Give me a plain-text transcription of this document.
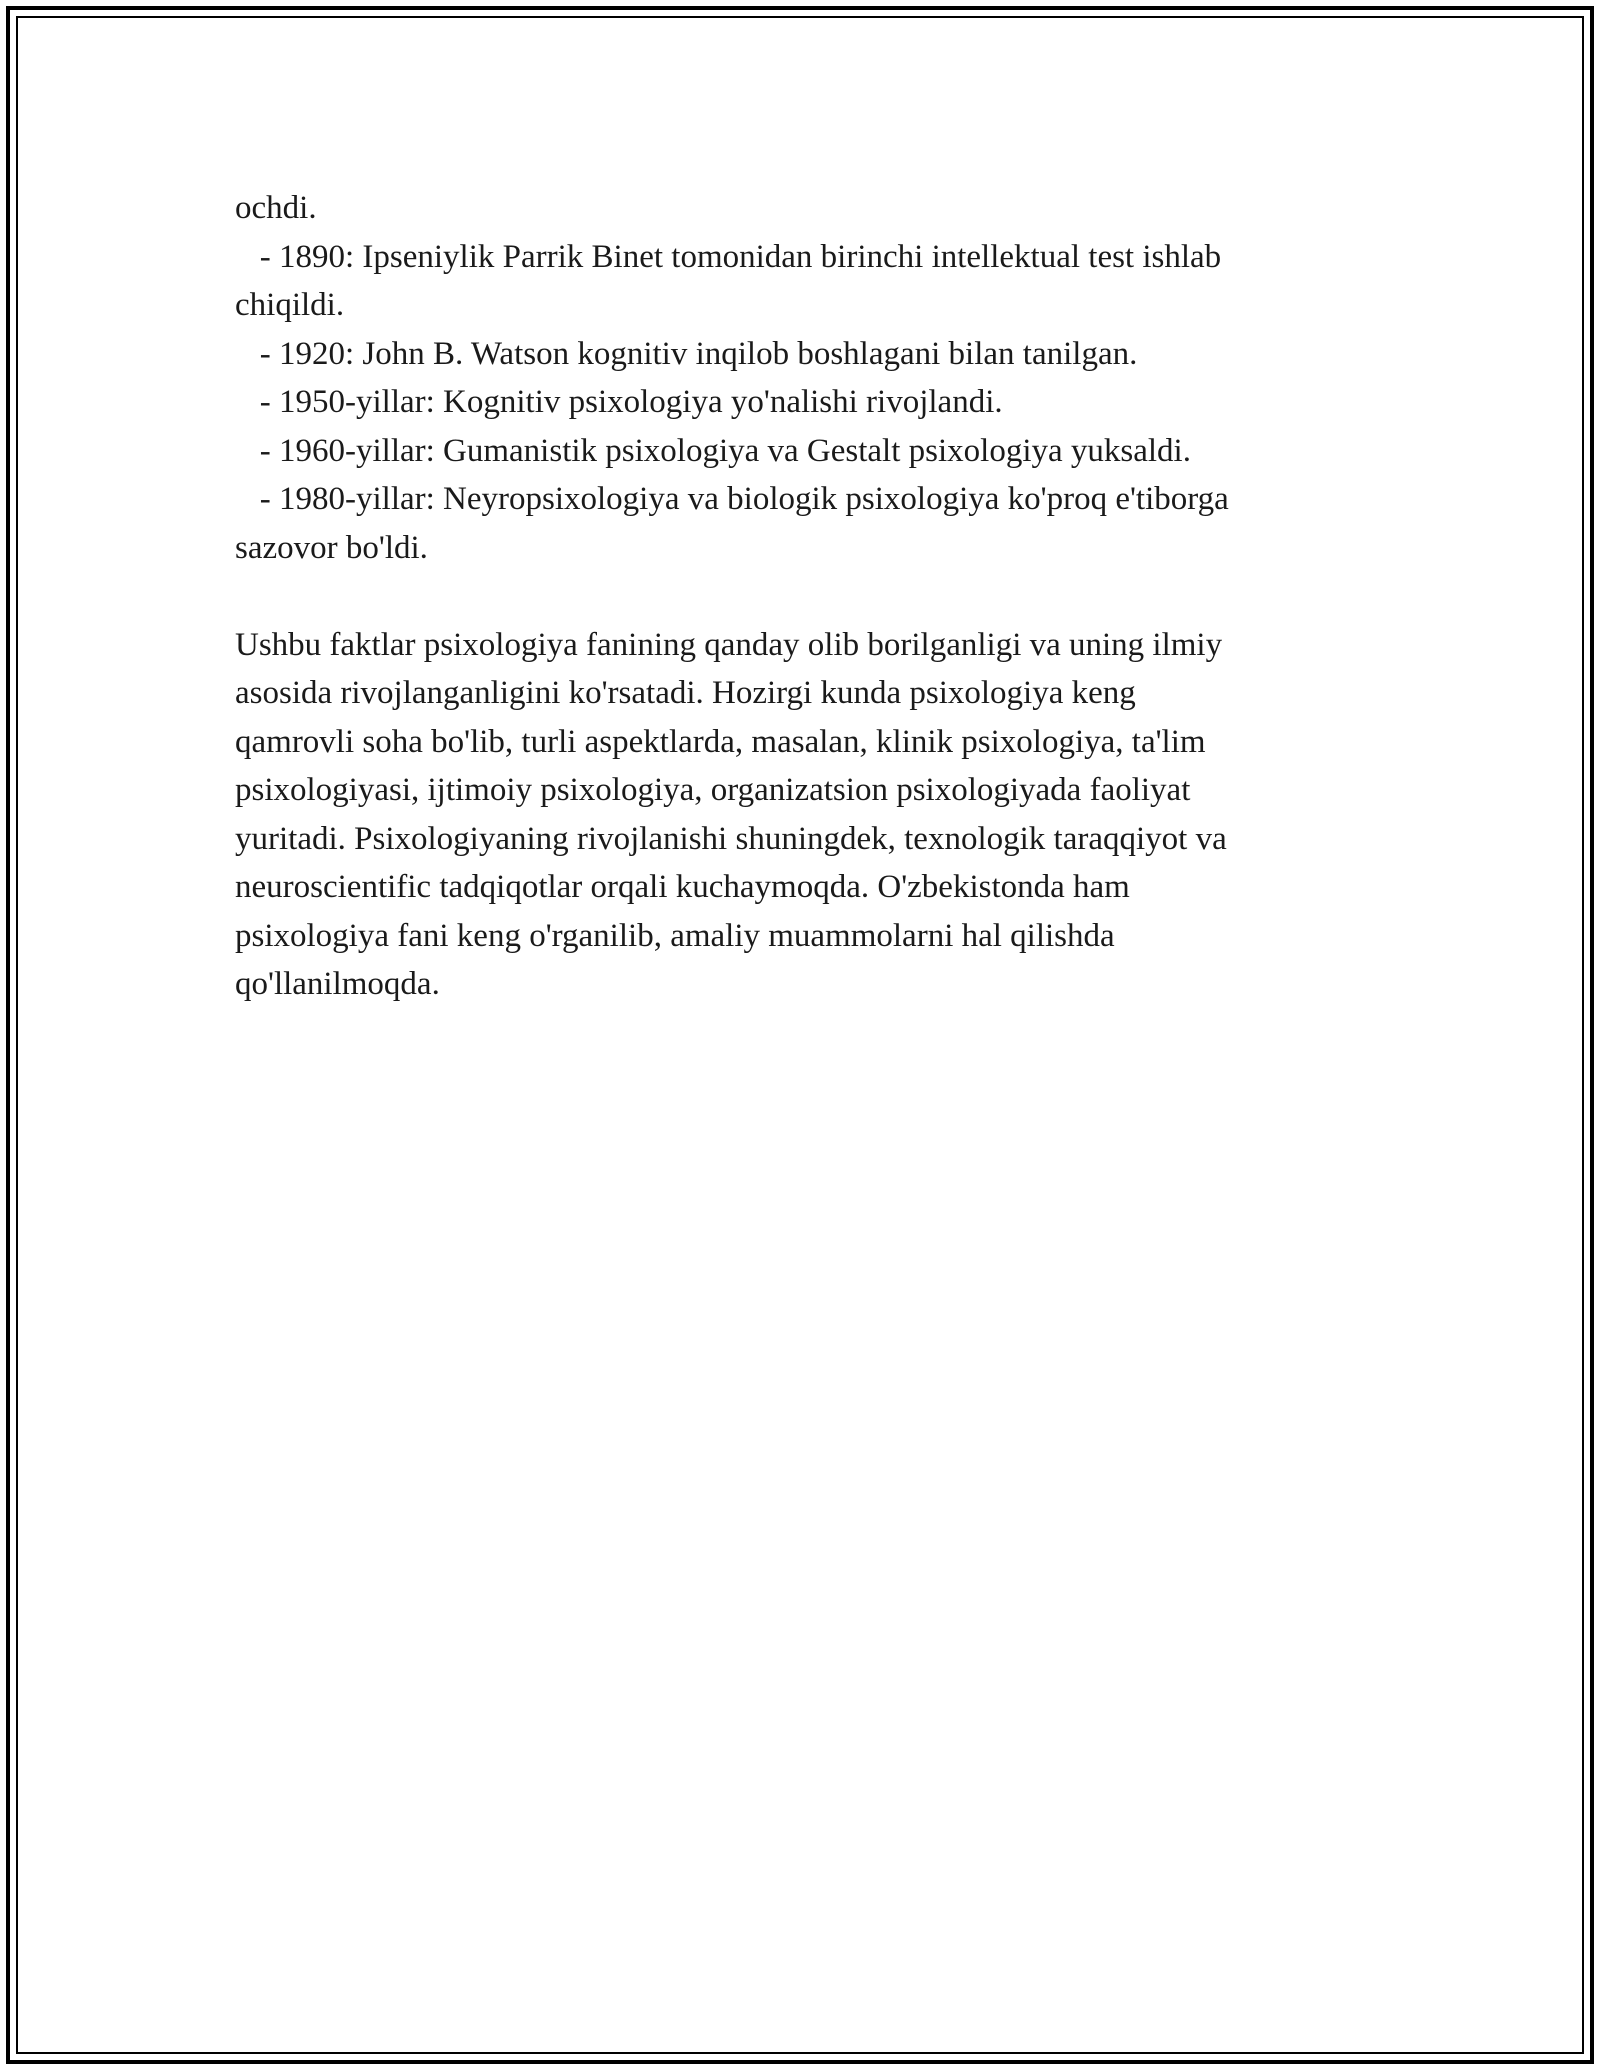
ochdi.
- 1890: Ipseniylik Parrik Binet tomonidan birinchi intellektual test ishlab
chiqildi.
- 1920: John B. Watson kognitiv inqilob boshlagani bilan tanilgan.
- 1950-yillar: Kognitiv psixologiya yo'nalishi rivojlandi.
- 1960-yillar: Gumanistik psixologiya va Gestalt psixologiya yuksaldi.
- 1980-yillar: Neyropsixologiya va biologik psixologiya ko'proq e'tiborga
sazovor bo'ldi.
Ushbu faktlar psixologiya fanining qanday olib borilganligi va uning ilmiy
asosida rivojlanganligini ko'rsatadi. Hozirgi kunda psixologiya keng
qamrovli soha bo'lib, turli aspektlarda, masalan, klinik psixologiya, ta'lim
psixologiyasi, ijtimoiy psixologiya, organizatsion psixologiyada faoliyat
yuritadi. Psixologiyaning rivojlanishi shuningdek, texnologik taraqqiyot va
neuroscientific tadqiqotlar orqali kuchaymoqda. O'zbekistonda ham
psixologiya fani keng o'rganilib, amaliy muammolarni hal qilishda
qo'llanilmoqda.
